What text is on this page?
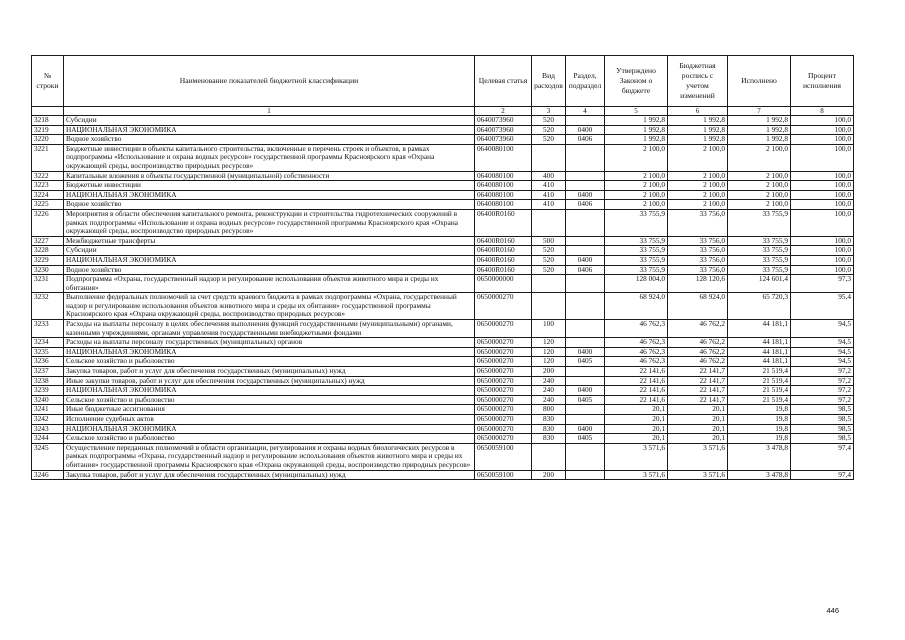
№ строки	Наименование показателей бюджетной классификации	Целевая статья	Вид расходов	Раздел, подраздел	Утверждено Законом о бюджете	Бюджетная роспись с учетом изменений	Исполнено	Процент исполнения
	1	2	3	4	5	6	7	8
3218	Субсидии	0640073960	520		1 992,8	1 992,8	1 992,8	100,0
3219	НАЦИОНАЛЬНАЯ ЭКОНОМИКА	0640073960	520	0400	1 992,8	1 992,8	1 992,8	100,0
3220	Водное хозяйство	0640073960	520	0406	1 992,8	1 992,8	1 992,8	100,0
3221	Бюджетные инвестиции в объекты капитального строительства, включенные в перечень строек и объектов, в рамках подпрограммы «Использование и охрана водных ресурсов» государственной программы Красноярского края «Охрана окружающей среды, воспроизводство природных ресурсов»	0640080100			2 100,0	2 100,0	2 100,0	100,0
3222	Капитальные вложения в объекты государственной (муниципальной) собственности	0640080100	400		2 100,0	2 100,0	2 100,0	100,0
3223	Бюджетные инвестиции	0640080100	410		2 100,0	2 100,0	2 100,0	100,0
3224	НАЦИОНАЛЬНАЯ ЭКОНОМИКА	0640080100	410	0400	2 100,0	2 100,0	2 100,0	100,0
3225	Водное хозяйство	0640080100	410	0406	2 100,0	2 100,0	2 100,0	100,0
3226	Мероприятия в области обеспечения капитального ремонта, реконструкции и строительства гидротехнических сооружений в рамках подпрограммы «Использование и охрана водных ресурсов» государственной программы Красноярского края «Охрана окружающей среды, воспроизводство природных ресурсов»	06400R0160			33 755,9	33 756,0	33 755,9	100,0
3227	Межбюджетные трансферты	06400R0160	500		33 755,9	33 756,0	33 755,9	100,0
3228	Субсидии	06400R0160	520		33 755,9	33 756,0	33 755,9	100,0
3229	НАЦИОНАЛЬНАЯ ЭКОНОМИКА	06400R0160	520	0400	33 755,9	33 756,0	33 755,9	100,0
3230	Водное хозяйство	06400R0160	520	0406	33 755,9	33 756,0	33 755,9	100,0
3231	Подпрограмма «Охрана, государственный надзор и регулирование использования объектов животного мира и среды их обитания»	0650000000			128 004,0	128 120,6	124 601,4	97,3
3232	Выполнение федеральных полномочий за счет средств краевого бюджета в рамках подпрограммы «Охрана, государственный надзор и регулирование использования объектов животного мира и среды их обитания» государственной программы Красноярского края «Охрана окружающей среды, воспроизводство природных ресурсов»	0650000270			68 924,0	68 924,0	65 720,3	95,4
3233	Расходы на выплаты персоналу в целях обеспечения выполнения функций государственными (муниципальными) органами, казенными учреждениями, органами управления государственными внебюджетными фондами	0650000270	100		46 762,3	46 762,2	44 181,1	94,5
3234	Расходы на выплаты персоналу государственных (муниципальных) органов	0650000270	120		46 762,3	46 762,2	44 181,1	94,5
3235	НАЦИОНАЛЬНАЯ ЭКОНОМИКА	0650000270	120	0400	46 762,3	46 762,2	44 181,1	94,5
3236	Сельское хозяйство и рыболовство	0650000270	120	0405	46 762,3	46 762,2	44 181,1	94,5
3237	Закупка товаров, работ и услуг для обеспечения государственных (муниципальных) нужд	0650000270	200		22 141,6	22 141,7	21 519,4	97,2
3238	Иные закупки товаров, работ и услуг для обеспечения государственных (муниципальных) нужд	0650000270	240		22 141,6	22 141,7	21 519,4	97,2
3239	НАЦИОНАЛЬНАЯ ЭКОНОМИКА	0650000270	240	0400	22 141,6	22 141,7	21 519,4	97,2
3240	Сельское хозяйство и рыболовство	0650000270	240	0405	22 141,6	22 141,7	21 519,4	97,2
3241	Иные бюджетные ассигнования	0650000270	800		20,1	20,1	19,8	98,5
3242	Исполнение судебных актов	0650000270	830		20,1	20,1	19,8	98,5
3243	НАЦИОНАЛЬНАЯ ЭКОНОМИКА	0650000270	830	0400	20,1	20,1	19,8	98,5
3244	Сельское хозяйство и рыболовство	0650000270	830	0405	20,1	20,1	19,8	98,5
3245	Осуществление переданных полномочий в области организации, регулирования и охраны водных биологических ресурсов в рамках подпрограммы «Охрана, государственный надзор и регулирование использования объектов животного мира и среды их обитания» государственной программы Красноярского края «Охрана окружающей среды, воспроизводство природных ресурсов»	0650059100			3 571,6	3 571,6	3 478,8	97,4
3246	Закупка товаров, работ и услуг для обеспечения государственных (муниципальных) нужд	0650059100	200		3 571,6	3 571,6	3 478,8	97,4
446
